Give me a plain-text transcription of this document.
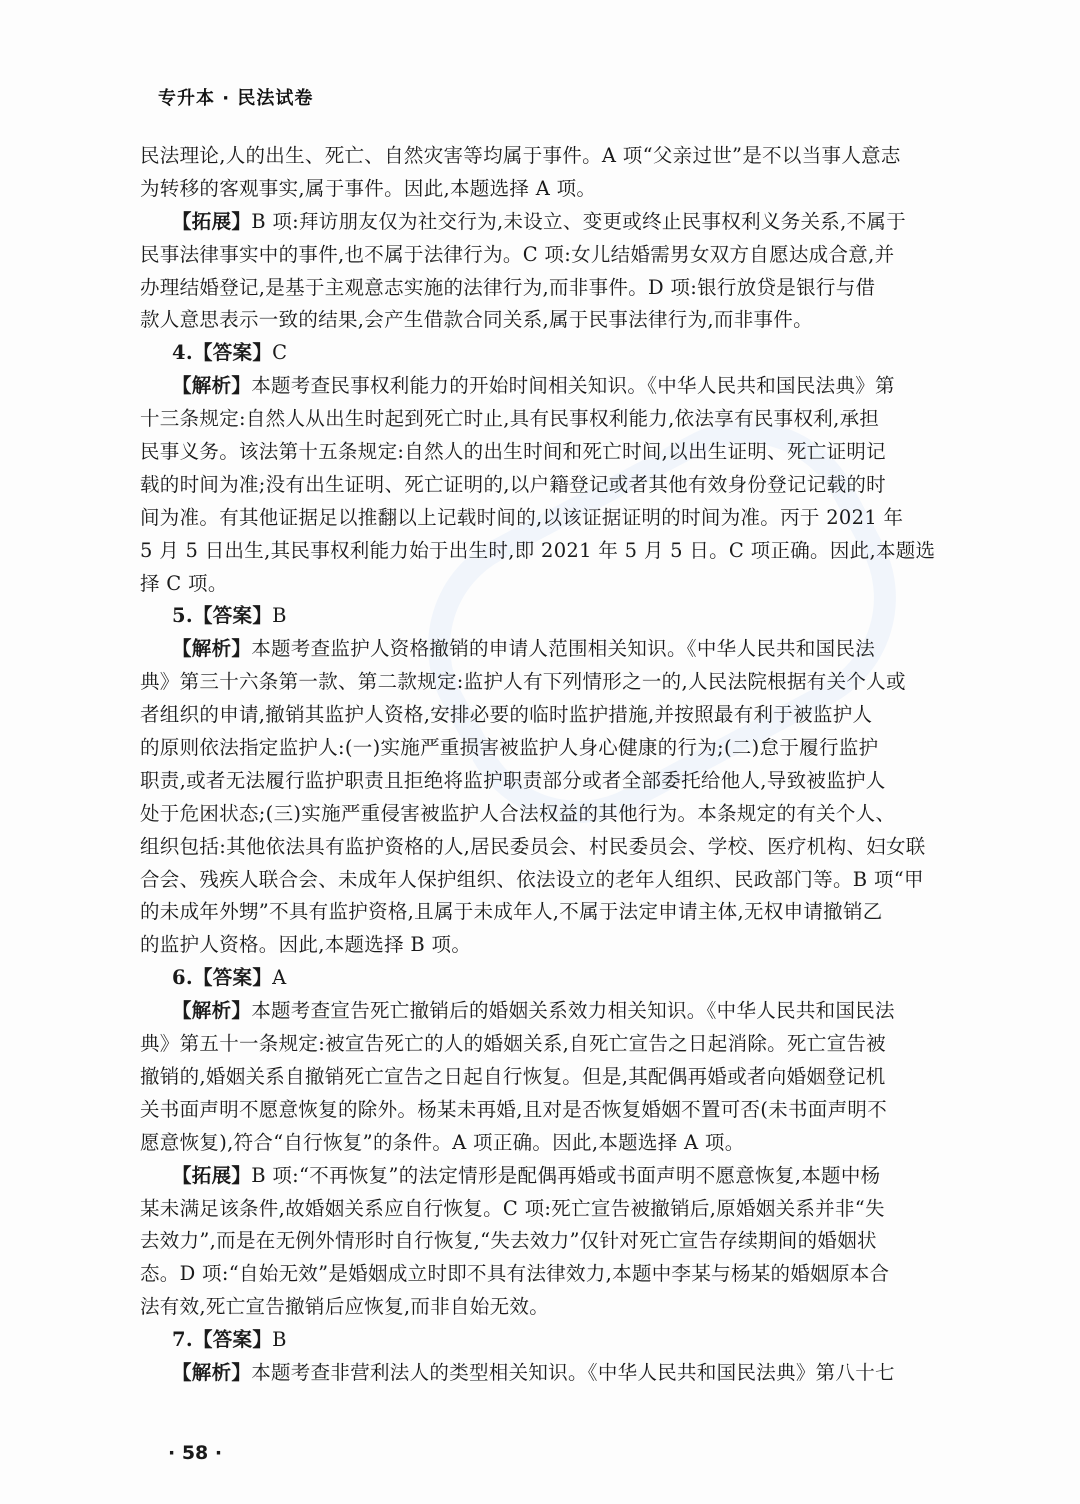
专升本 · 民法试卷
民法理论,人的出生、死亡、自然灾害等均属于事件。A 项“父亲过世”是不以当事人意志
为转移的客观事实,属于事件。因此,本题选择 A 项。
【拓展】 B 项:拜访朋友仅为社交行为,未设立、变更或终止民事权利义务关系,不属于
民事法律事实中的事件,也不属于法律行为。C 项:女儿结婚需男女双方自愿达成合意,并
办理结婚登记,是基于主观意志实施的法律行为,而非事件。D 项:银行放贷是银行与借
款人意思表示一致的结果,会产生借款合同关系,属于民事法律行为,而非事件。
4.【答案】 C
【解析】 本题考查民事权利能力的开始时间相关知识。《中华人民共和国民法典》第
十三条规定:自然人从出生时起到死亡时止,具有民事权利能力,依法享有民事权利,承担
民事义务。该法第十五条规定:自然人的出生时间和死亡时间,以出生证明、死亡证明记
载的时间为准;没有出生证明、死亡证明的,以户籍登记或者其他有效身份登记记载的时
间为准。有其他证据足以推翻以上记载时间的,以该证据证明的时间为准。丙于 2021 年
5 月 5 日出生,其民事权利能力始于出生时,即 2021 年 5 月 5 日。C 项正确。因此,本题选
择 C 项。
5.【答案】 B
【解析】 本题考查监护人资格撤销的申请人范围相关知识。《中华人民共和国民法
典》第三十六条第一款、第二款规定:监护人有下列情形之一的,人民法院根据有关个人或
者组织的申请,撤销其监护人资格,安排必要的临时监护措施,并按照最有利于被监护人
的原则依法指定监护人:(一)实施严重损害被监护人身心健康的行为;(二)怠于履行监护
职责,或者无法履行监护职责且拒绝将监护职责部分或者全部委托给他人,导致被监护人
处于危困状态;(三)实施严重侵害被监护人合法权益的其他行为。本条规定的有关个人、
组织包括:其他依法具有监护资格的人,居民委员会、村民委员会、学校、医疗机构、妇女联
合会、残疾人联合会、未成年人保护组织、依法设立的老年人组织、民政部门等。B 项“甲
的未成年外甥”不具有监护资格,且属于未成年人,不属于法定申请主体,无权申请撤销乙
的监护人资格。因此,本题选择 B 项。
6.【答案】 A
【解析】 本题考查宣告死亡撤销后的婚姻关系效力相关知识。《中华人民共和国民法
典》第五十一条规定:被宣告死亡的人的婚姻关系,自死亡宣告之日起消除。死亡宣告被
撤销的,婚姻关系自撤销死亡宣告之日起自行恢复。但是,其配偶再婚或者向婚姻登记机
关书面声明不愿意恢复的除外。杨某未再婚,且对是否恢复婚姻不置可否(未书面声明不
愿意恢复),符合“自行恢复”的条件。A 项正确。因此,本题选择 A 项。
【拓展】 B 项:“不再恢复”的法定情形是配偶再婚或书面声明不愿意恢复,本题中杨
某未满足该条件,故婚姻关系应自行恢复。C 项:死亡宣告被撤销后,原婚姻关系并非“失
去效力”,而是在无例外情形时自行恢复,“失去效力”仅针对死亡宣告存续期间的婚姻状
态。D 项:“自始无效”是婚姻成立时即不具有法律效力,本题中李某与杨某的婚姻原本合
法有效,死亡宣告撤销后应恢复,而非自始无效。
7.【答案】 B
【解析】 本题考查非营利法人的类型相关知识。《中华人民共和国民法典》第八十七
· 58 ·
